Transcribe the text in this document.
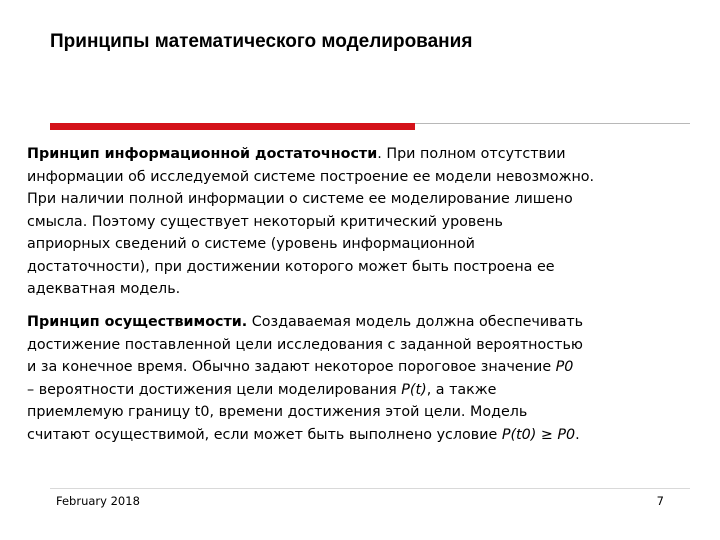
Принципы математического моделирования

Принцип информационной достаточности. При полном отсутствии
информации об исследуемой системе построение ее модели невозможно.
При наличии полной информации о системе ее моделирование лишено
смысла. Поэтому существует некоторый критический уровень
априорных сведений о системе (уровень информационной
достаточности), при достижении которого может быть построена ее
адекватная модель.

Принцип осуществимости. Создаваемая модель должна обеспечивать
достижение поставленной цели исследования с заданной вероятностью
и за конечное время. Обычно задают некоторое пороговое значение P0
– вероятности достижения цели моделирования P(t), а также
приемлемую границу t0, времени достижения этой цели. Модель
считают осуществимой, если может быть выполнено условие P(t0) ≥ P0.

February 2018	7
